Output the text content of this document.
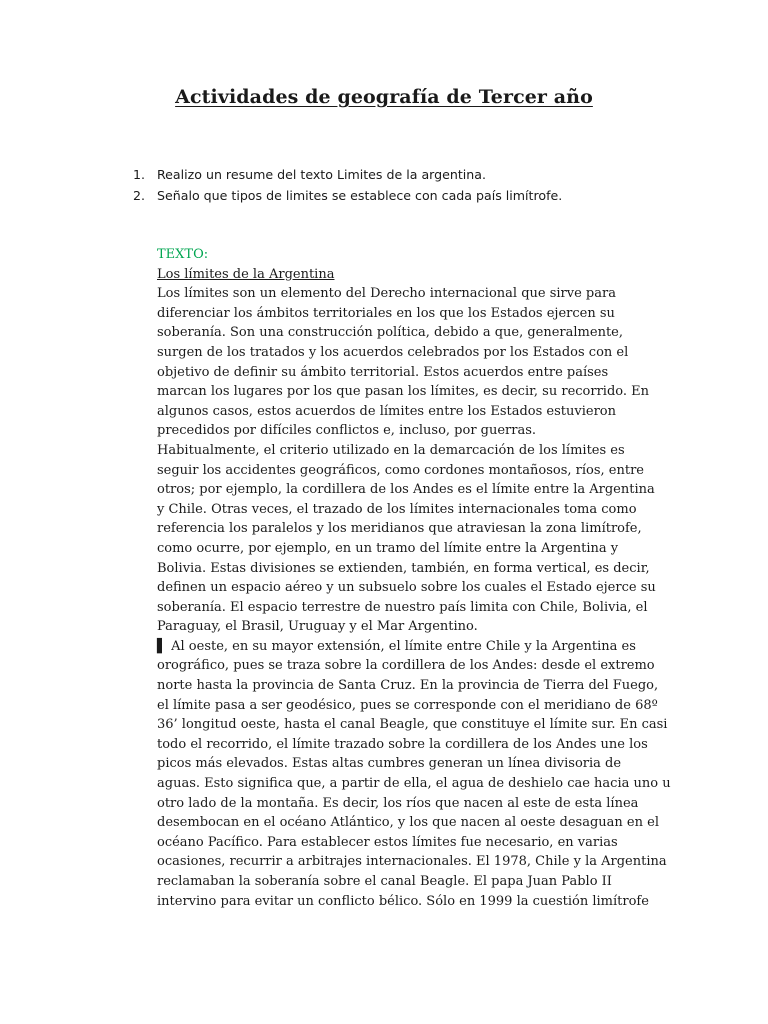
Actividades de geografía de Tercer año
1. Realizo un resume del texto Limites de la argentina.
2. Señalo que tipos de limites se establece con cada país limítrofe.
TEXTO:
Los límites de la Argentina
Los límites son un elemento del Derecho internacional que sirve para
diferenciar los ámbitos territoriales en los que los Estados ejercen su
soberanía. Son una construcción política, debido a que, generalmente,
surgen de los tratados y los acuerdos celebrados por los Estados con el
objetivo de definir su ámbito territorial. Estos acuerdos entre países
marcan los lugares por los que pasan los límites, es decir, su recorrido. En
algunos casos, estos acuerdos de límites entre los Estados estuvieron
precedidos por difíciles conflictos e, incluso, por guerras.
Habitualmente, el criterio utilizado en la demarcación de los límites es
seguir los accidentes geográficos, como cordones montañosos, ríos, entre
otros; por ejemplo, la cordillera de los Andes es el límite entre la Argentina
y Chile. Otras veces, el trazado de los límites internacionales toma como
referencia los paralelos y los meridianos que atraviesan la zona limítrofe,
como ocurre, por ejemplo, en un tramo del límite entre la Argentina y
Bolivia. Estas divisiones se extienden, también, en forma vertical, es decir,
definen un espacio aéreo y un subsuelo sobre los cuales el Estado ejerce su
soberanía. El espacio terrestre de nuestro país limita con Chile, Bolivia, el
Paraguay, el Brasil, Uruguay y el Mar Argentino.
▌ Al oeste, en su mayor extensión, el límite entre Chile y la Argentina es
orográfico, pues se traza sobre la cordillera de los Andes: desde el extremo
norte hasta la provincia de Santa Cruz. En la provincia de Tierra del Fuego,
el límite pasa a ser geodésico, pues se corresponde con el meridiano de 68º
36’ longitud oeste, hasta el canal Beagle, que constituye el límite sur. En casi
todo el recorrido, el límite trazado sobre la cordillera de los Andes une los
picos más elevados. Estas altas cumbres generan un línea divisoria de
aguas. Esto significa que, a partir de ella, el agua de deshielo cae hacia uno u
otro lado de la montaña. Es decir, los ríos que nacen al este de esta línea
desembocan en el océano Atlántico, y los que nacen al oeste desaguan en el
océano Pacífico. Para establecer estos límites fue necesario, en varias
ocasiones, recurrir a arbitrajes internacionales. El 1978, Chile y la Argentina
reclamaban la soberanía sobre el canal Beagle. El papa Juan Pablo II
intervino para evitar un conflicto bélico. Sólo en 1999 la cuestión limítrofe
